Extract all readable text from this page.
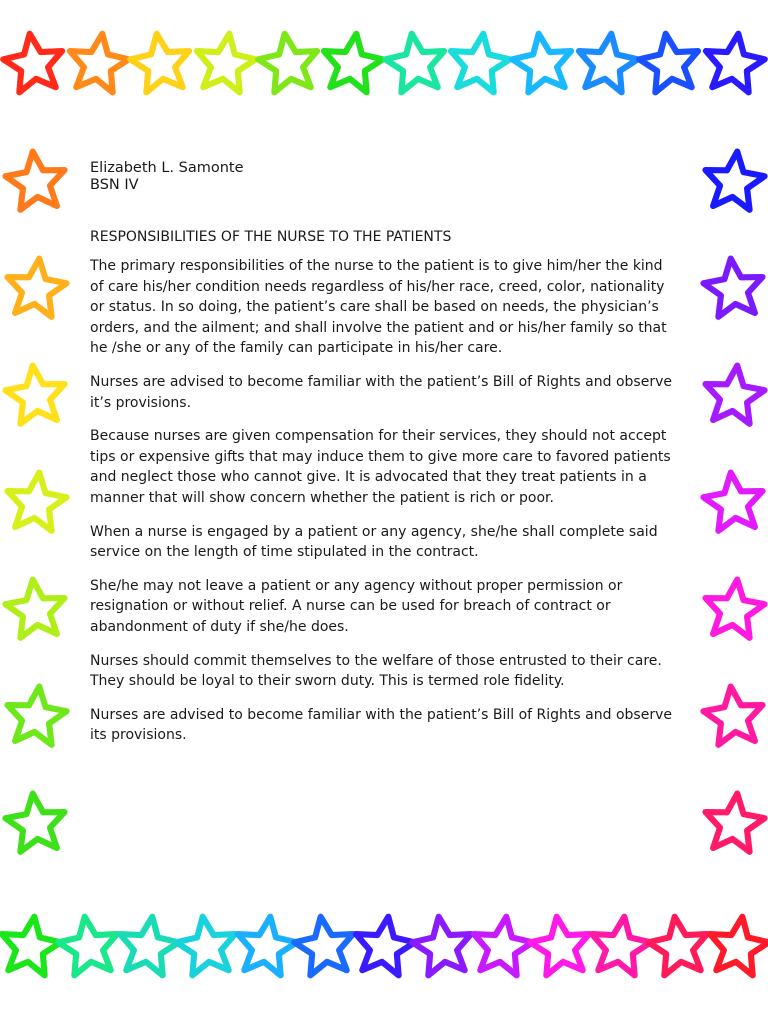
Elizabeth L. Samonte

BSN IV

RESPONSIBILITIES OF THE NURSE TO THE PATIENTS

The primary responsibilities of the nurse to the patient is to give him/her the kind of care his/her condition needs regardless of his/her race, creed, color, nationality or status. In so doing, the patient’s care shall be based on needs, the physician’s orders, and the ailment; and shall involve the patient and or his/her family so that he /she or any of the family can participate in his/her care.

Nurses are advised to become familiar with the patient’s Bill of Rights and observe it’s provisions.

Because nurses are given compensation for their services, they should not accept tips or expensive gifts that may induce them to give more care to favored patients and neglect those who cannot give. It is advocated that they treat patients in a manner that will show concern whether the patient is rich or poor.

When a nurse is engaged by a patient or any agency, she/he shall complete said service on the length of time stipulated in the contract.

She/he may not leave a patient or any agency without proper permission or resignation or without relief. A nurse can be used for breach of contract or abandonment of duty if she/he does.

Nurses should commit themselves to the welfare of those entrusted to their care. They should be loyal to their sworn duty. This is termed role fidelity.

Nurses are advised to become familiar with the patient’s Bill of Rights and observe its provisions.
